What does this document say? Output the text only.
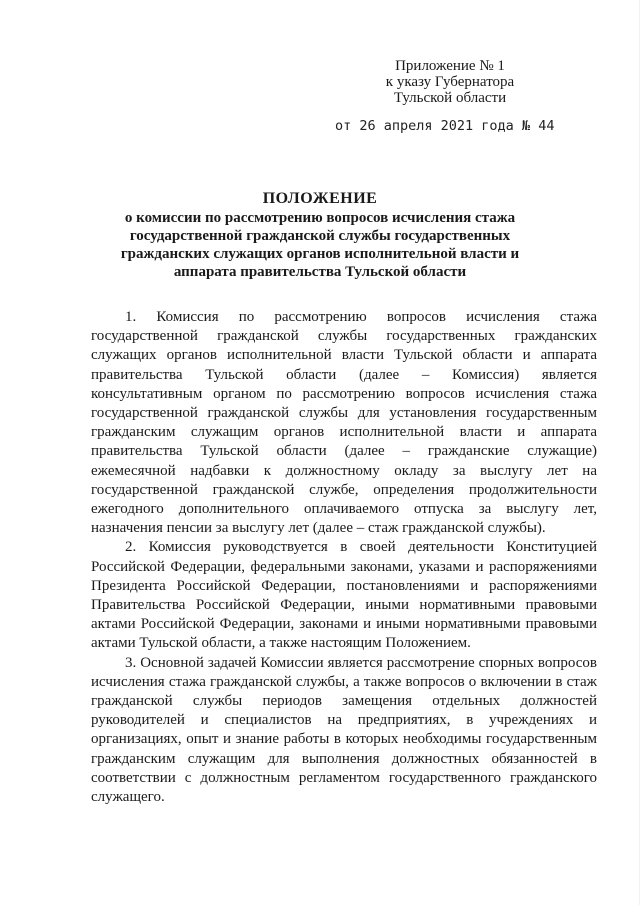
Приложение № 1
к указу Губернатора
Тульской области
от 26 апреля 2021 года № 44
ПОЛОЖЕНИЕ
о комиссии по рассмотрению вопросов исчисления стажа государственной гражданской службы государственных гражданских служащих органов исполнительной власти и аппарата правительства Тульской области

1. Комиссия по рассмотрению вопросов исчисления стажа государственной гражданской службы государственных гражданских служащих органов исполнительной власти Тульской области и аппарата правительства Тульской области (далее – Комиссия) является консультативным органом по рассмотрению вопросов исчисления стажа государственной гражданской службы для установления государственным гражданским служащим органов исполнительной власти и аппарата правительства Тульской области (далее – гражданские служащие) ежемесячной надбавки к должностному окладу за выслугу лет на государственной гражданской службе, определения продолжительности ежегодного дополнительного оплачиваемого отпуска за выслугу лет, назначения пенсии за выслугу лет (далее – стаж гражданской службы).

2. Комиссия руководствуется в своей деятельности Конституцией Российской Федерации, федеральными законами, указами и распоряжениями Президента Российской Федерации, постановлениями и распоряжениями Правительства Российской Федерации, иными нормативными правовыми актами Российской Федерации, законами и иными нормативными правовыми актами Тульской области, а также настоящим Положением.

3. Основной задачей Комиссии является рассмотрение спорных вопросов исчисления стажа гражданской службы, а также вопросов о включении в стаж гражданской службы периодов замещения отдельных должностей руководителей и специалистов на предприятиях, в учреждениях и организациях, опыт и знание работы в которых необходимы государственным гражданским служащим для выполнения должностных обязанностей в соответствии с должностным регламентом государственного гражданского служащего.
